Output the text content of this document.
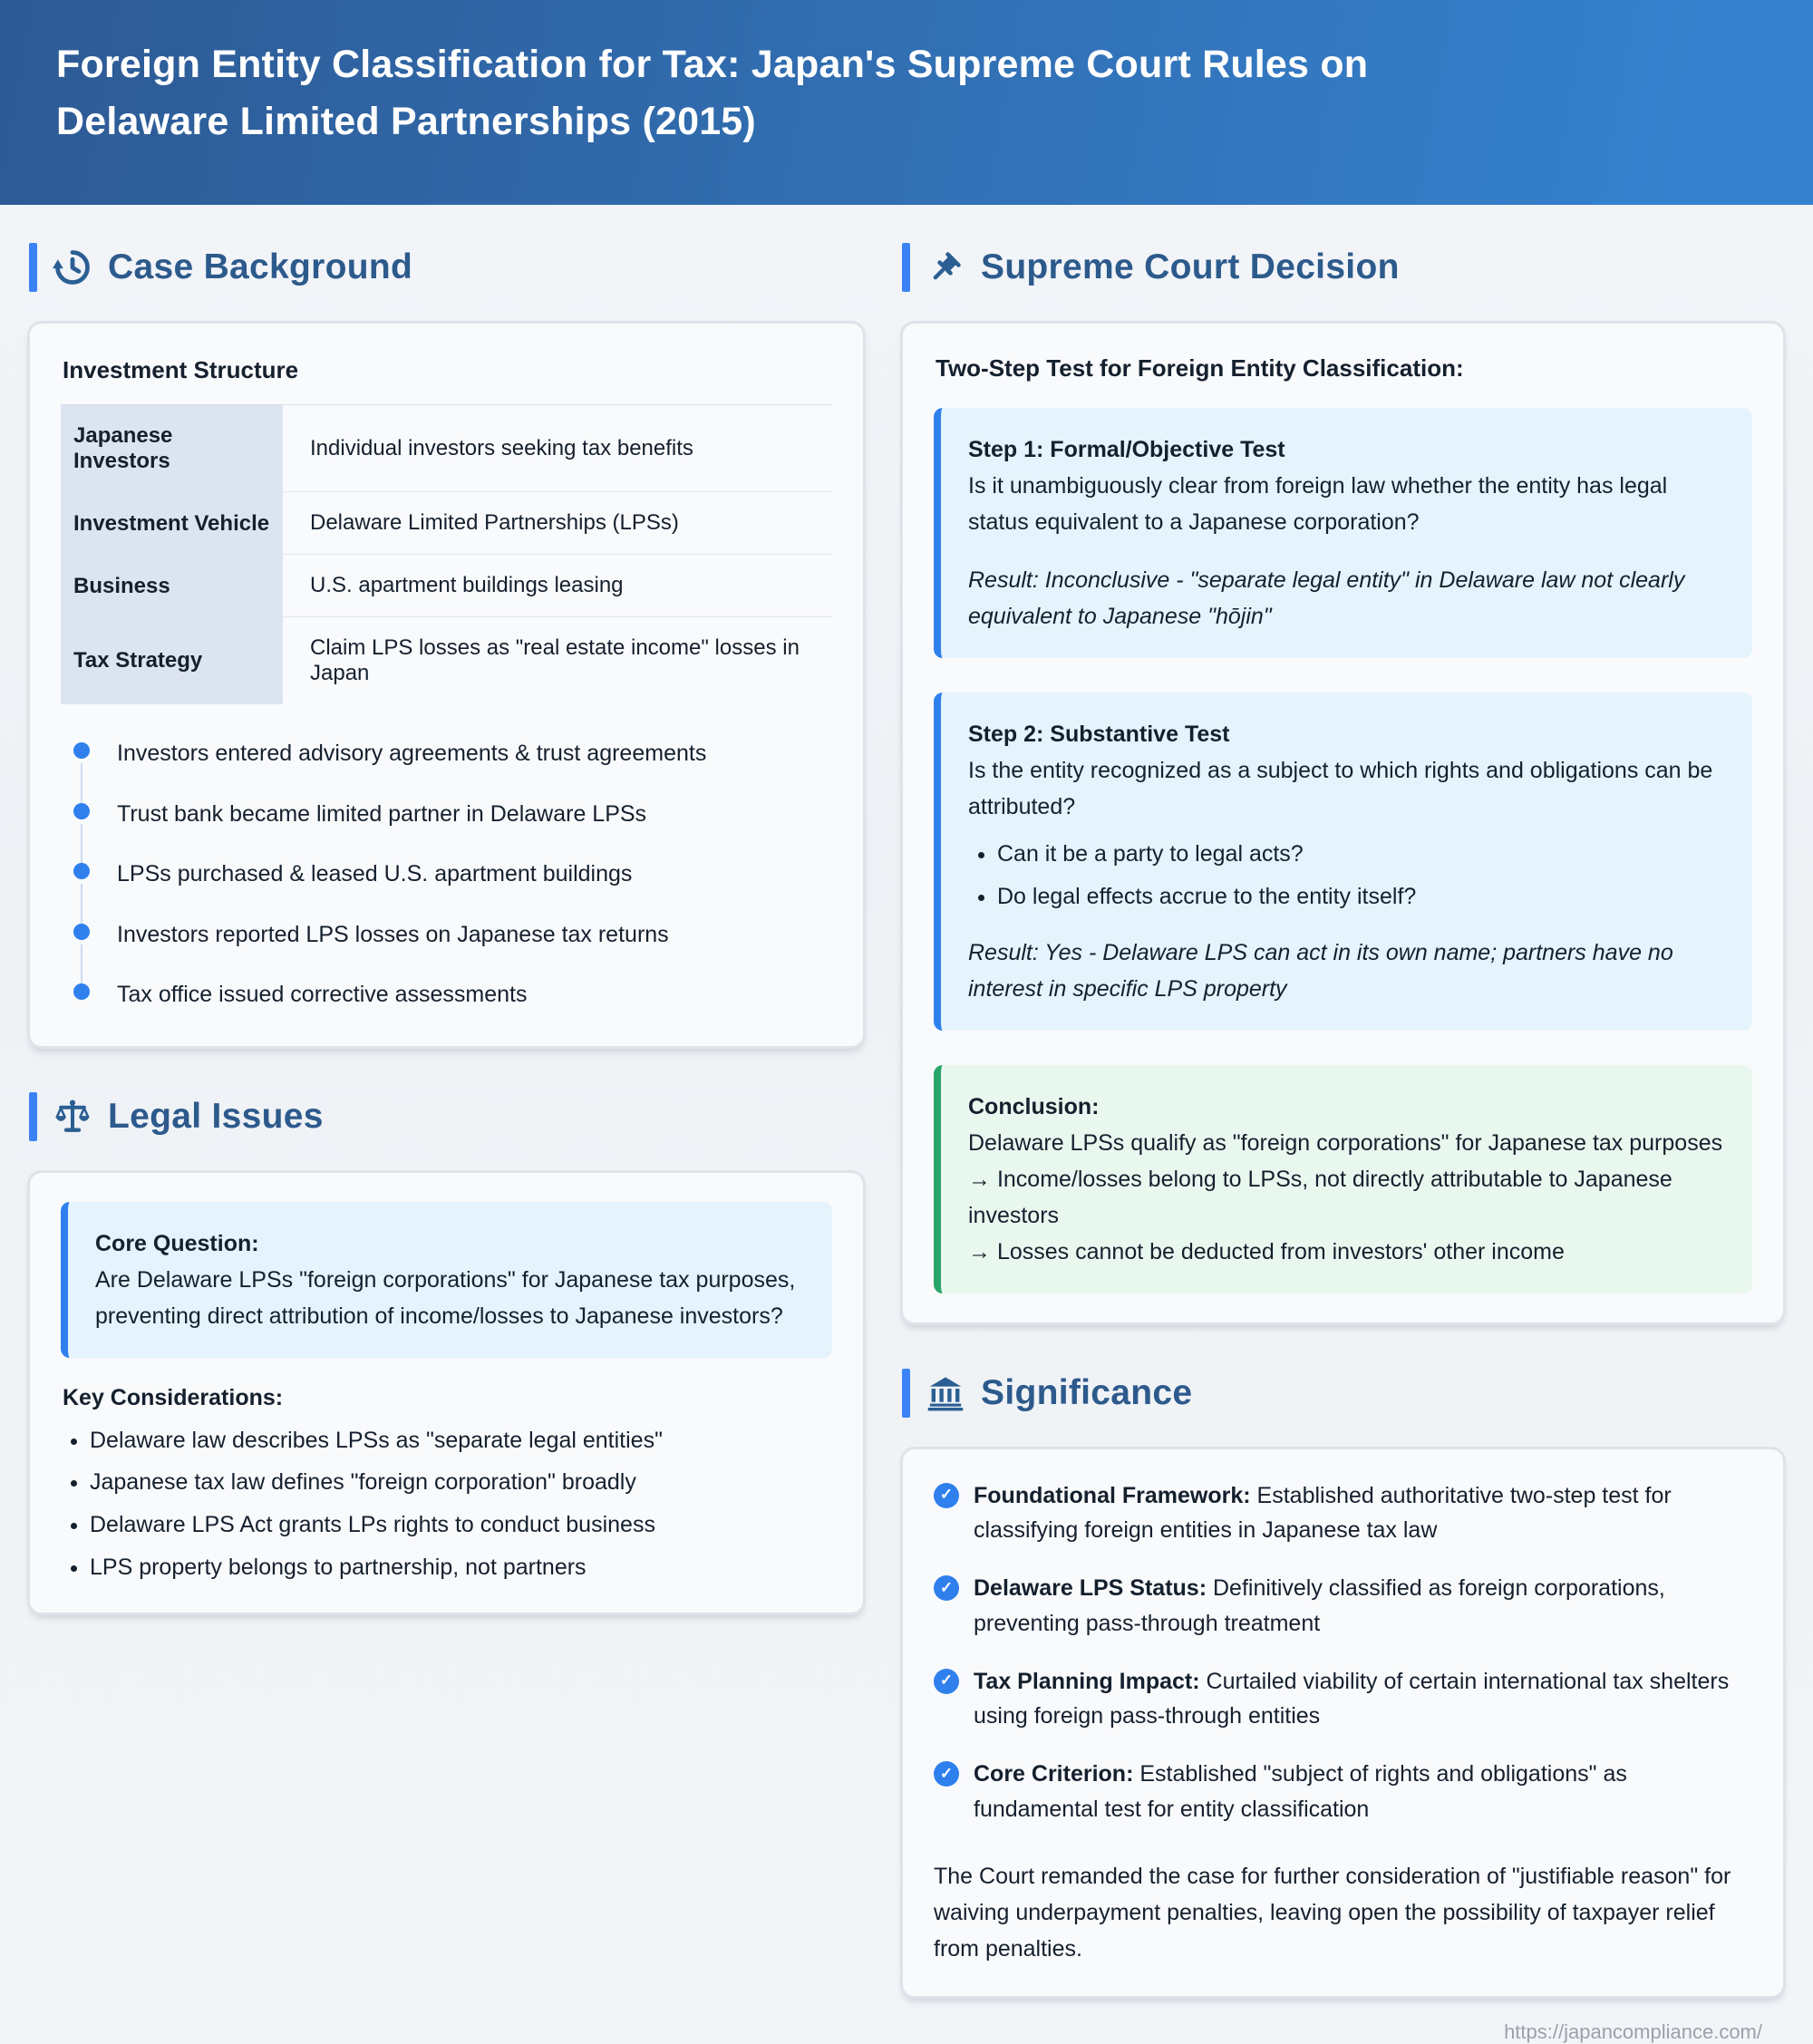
Foreign Entity Classification for Tax: Japan's Supreme Court Rules on
Delaware Limited Partnerships (2015)
Case Background
Investment Structure
Japanese Investors
Individual investors seeking tax benefits
Investment Vehicle	Delaware Limited Partnerships (LPSs)
Business	U.S. apartment buildings leasing
Tax Strategy
Claim LPS losses as "real estate income" losses in Japan
Investors entered advisory agreements & trust agreements
Trust bank became limited partner in Delaware LPSs
LPSs purchased & leased U.S. apartment buildings
Investors reported LPS losses on Japanese tax returns
Tax office issued corrective assessments
Legal Issues
Core Question:
Are Delaware LPSs "foreign corporations" for Japanese tax purposes, preventing direct attribution of income/losses to Japanese investors?
Key Considerations:
• Delaware law describes LPSs as "separate legal entities"
• Japanese tax law defines "foreign corporation" broadly
• Delaware LPS Act grants LPs rights to conduct business
• LPS property belongs to partnership, not partners
Supreme Court Decision
Two-Step Test for Foreign Entity Classification:
Step 1: Formal/Objective Test
Is it unambiguously clear from foreign law whether the entity has legal status equivalent to a Japanese corporation?
Result: Inconclusive - "separate legal entity" in Delaware law not clearly equivalent to Japanese "hōjin"
Step 2: Substantive Test
Is the entity recognized as a subject to which rights and obligations can be attributed?
• Can it be a party to legal acts?
• Do legal effects accrue to the entity itself?
Result: Yes - Delaware LPS can act in its own name; partners have no interest in specific LPS property
Conclusion:
Delaware LPSs qualify as "foreign corporations" for Japanese tax purposes
→ Income/losses belong to LPSs, not directly attributable to Japanese investors
→ Losses cannot be deducted from investors' other income
Significance
✓ Foundational Framework: Established authoritative two-step test for classifying foreign entities in Japanese tax law
✓ Delaware LPS Status: Definitively classified as foreign corporations, preventing pass-through treatment
✓ Tax Planning Impact: Curtailed viability of certain international tax shelters using foreign pass-through entities
✓ Core Criterion: Established "subject of rights and obligations" as fundamental test for entity classification
The Court remanded the case for further consideration of "justifiable reason" for waiving underpayment penalties, leaving open the possibility of taxpayer relief from penalties.
https://japancompliance.com/
